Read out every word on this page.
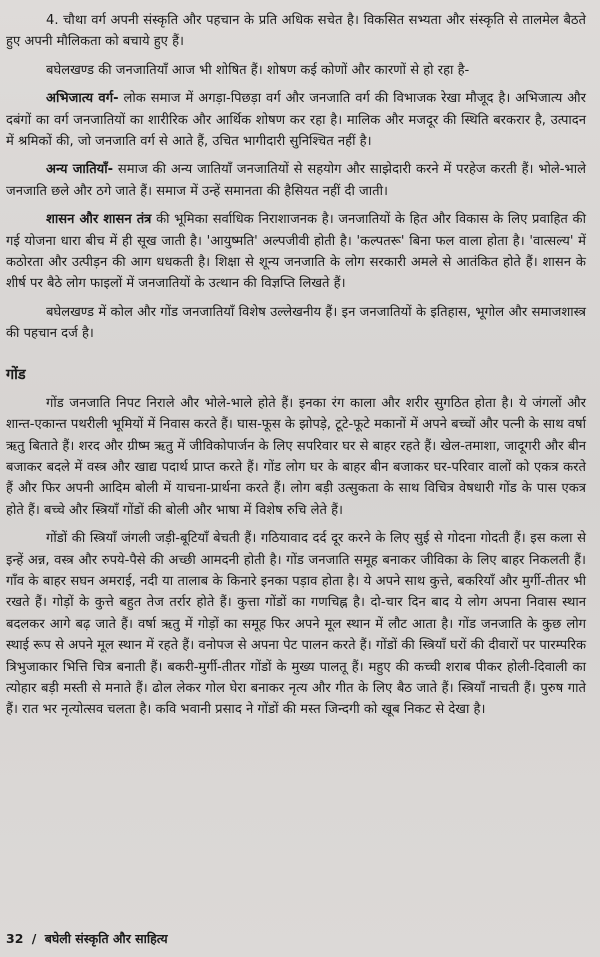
4. चौथा वर्ग अपनी संस्कृति और पहचान के प्रति अधिक सचेत है। विकसित सभ्यता और संस्कृति से तालमेल बैठते हुए अपनी मौलिकता को बचाये हुए हैं।

बघेलखण्ड की जनजातियाँ आज भी शोषित हैं। शोषण कई कोणों और कारणों से हो रहा है-

अभिजात्य वर्ग- लोक समाज में अगड़ा-पिछड़ा वर्ग और जनजाति वर्ग की विभाजक रेखा मौजूद है। अभिजात्य और दबंगों का वर्ग जनजातियों का शारीरिक और आर्थिक शोषण कर रहा है। मालिक और मजदूर की स्थिति बरकरार है, उत्पादन में श्रमिकों की, जो जनजाति वर्ग से आते हैं, उचित भागीदारी सुनिश्चित नहीं है।

अन्य जातियाँ- समाज की अन्य जातियाँ जनजातियों से सहयोग और साझेदारी करने में परहेज करती हैं। भोले-भाले जनजाति छले और ठगे जाते हैं। समाज में उन्हें समानता की हैसियत नहीं दी जाती।

शासन और शासन तंत्र की भूमिका सर्वाधिक निराशाजनक है। जनजातियों के हित और विकास के लिए प्रवाहित की गई योजना धारा बीच में ही सूख जाती है। 'आयुष्मति' अल्पजीवी होती है। 'कल्पतरू' बिना फल वाला होता है। 'वात्सल्य' में कठोरता और उत्पीड़न की आग धधकती है। शिक्षा से शून्य जनजाति के लोग सरकारी अमले से आतंकित होते हैं। शासन के शीर्ष पर बैठे लोग फाइलों में जनजातियों के उत्थान की विज्ञप्ति लिखते हैं।

बघेलखण्ड में कोल और गोंड जनजातियाँ विशेष उल्लेखनीय हैं। इन जनजातियों के इतिहास, भूगोल और समाजशास्त्र की पहचान दर्ज है।

गोंड

गोंड जनजाति निपट निराले और भोले-भाले होते हैं। इनका रंग काला और शरीर सुगठित होता है। ये जंगलों और शान्त-एकान्त पथरीली भूमियों में निवास करते हैं। घास-फूस के झोपड़े, टूटे-फूटे मकानों में अपने बच्चों और पत्नी के साथ वर्षा ऋतु बिताते हैं। शरद और ग्रीष्म ऋतु में जीविकोपार्जन के लिए सपरिवार घर से बाहर रहते हैं। खेल-तमाशा, जादूगरी और बीन बजाकर बदले में वस्त्र और खाद्य पदार्थ प्राप्त करते हैं। गोंड लोग घर के बाहर बीन बजाकर घर-परिवार वालों को एकत्र करते हैं और फिर अपनी आदिम बोली में याचना-प्रार्थना करते हैं। लोग बड़ी उत्सुकता के साथ विचित्र वेषधारी गोंड के पास एकत्र होते हैं। बच्चे और स्त्रियाँ गोंडों की बोली और भाषा में विशेष रुचि लेते हैं।

गोंडों की स्त्रियाँ जंगली जड़ी-बूटियाँ बेचती हैं। गठियावाद दर्द दूर करने के लिए सुई से गोदना गोदती हैं। इस कला से इन्हें अन्न, वस्त्र और रुपये-पैसे की अच्छी आमदनी होती है। गोंड जनजाति समूह बनाकर जीविका के लिए बाहर निकलती हैं। गाँव के बाहर सघन अमराई, नदी या तालाब के किनारे इनका पड़ाव होता है। ये अपने साथ कुत्ते, बकरियाँ और मुर्गी-तीतर भी रखते हैं। गोड़ों के कुत्ते बहुत तेज तर्रार होते हैं। कुत्ता गोंडों का गणचिह्न है। दो-चार दिन बाद ये लोग अपना निवास स्थान बदलकर आगे बढ़ जाते हैं। वर्षा ऋतु में गोड़ों का समूह फिर अपने मूल स्थान में लौट आता है। गोंड जनजाति के कुछ लोग स्थाई रूप से अपने मूल स्थान में रहते हैं। वनोपज से अपना पेट पालन करते हैं। गोंडों की स्त्रियाँ घरों की दीवारों पर पारम्परिक त्रिभुजाकार भित्ति चित्र बनाती हैं। बकरी-मुर्गी-तीतर गोंडों के मुख्य पालतू हैं। महुए की कच्ची शराब पीकर होली-दिवाली का त्योहार बड़ी मस्ती से मनाते हैं। ढोल लेकर गोल घेरा बनाकर नृत्य और गीत के लिए बैठ जाते हैं। स्त्रियाँ नाचती हैं। पुरुष गाते हैं। रात भर नृत्योत्सव चलता है। कवि भवानी प्रसाद ने गोंडों की मस्त जिन्दगी को खूब निकट से देखा है।

32 / बघेली संस्कृति और साहित्य
